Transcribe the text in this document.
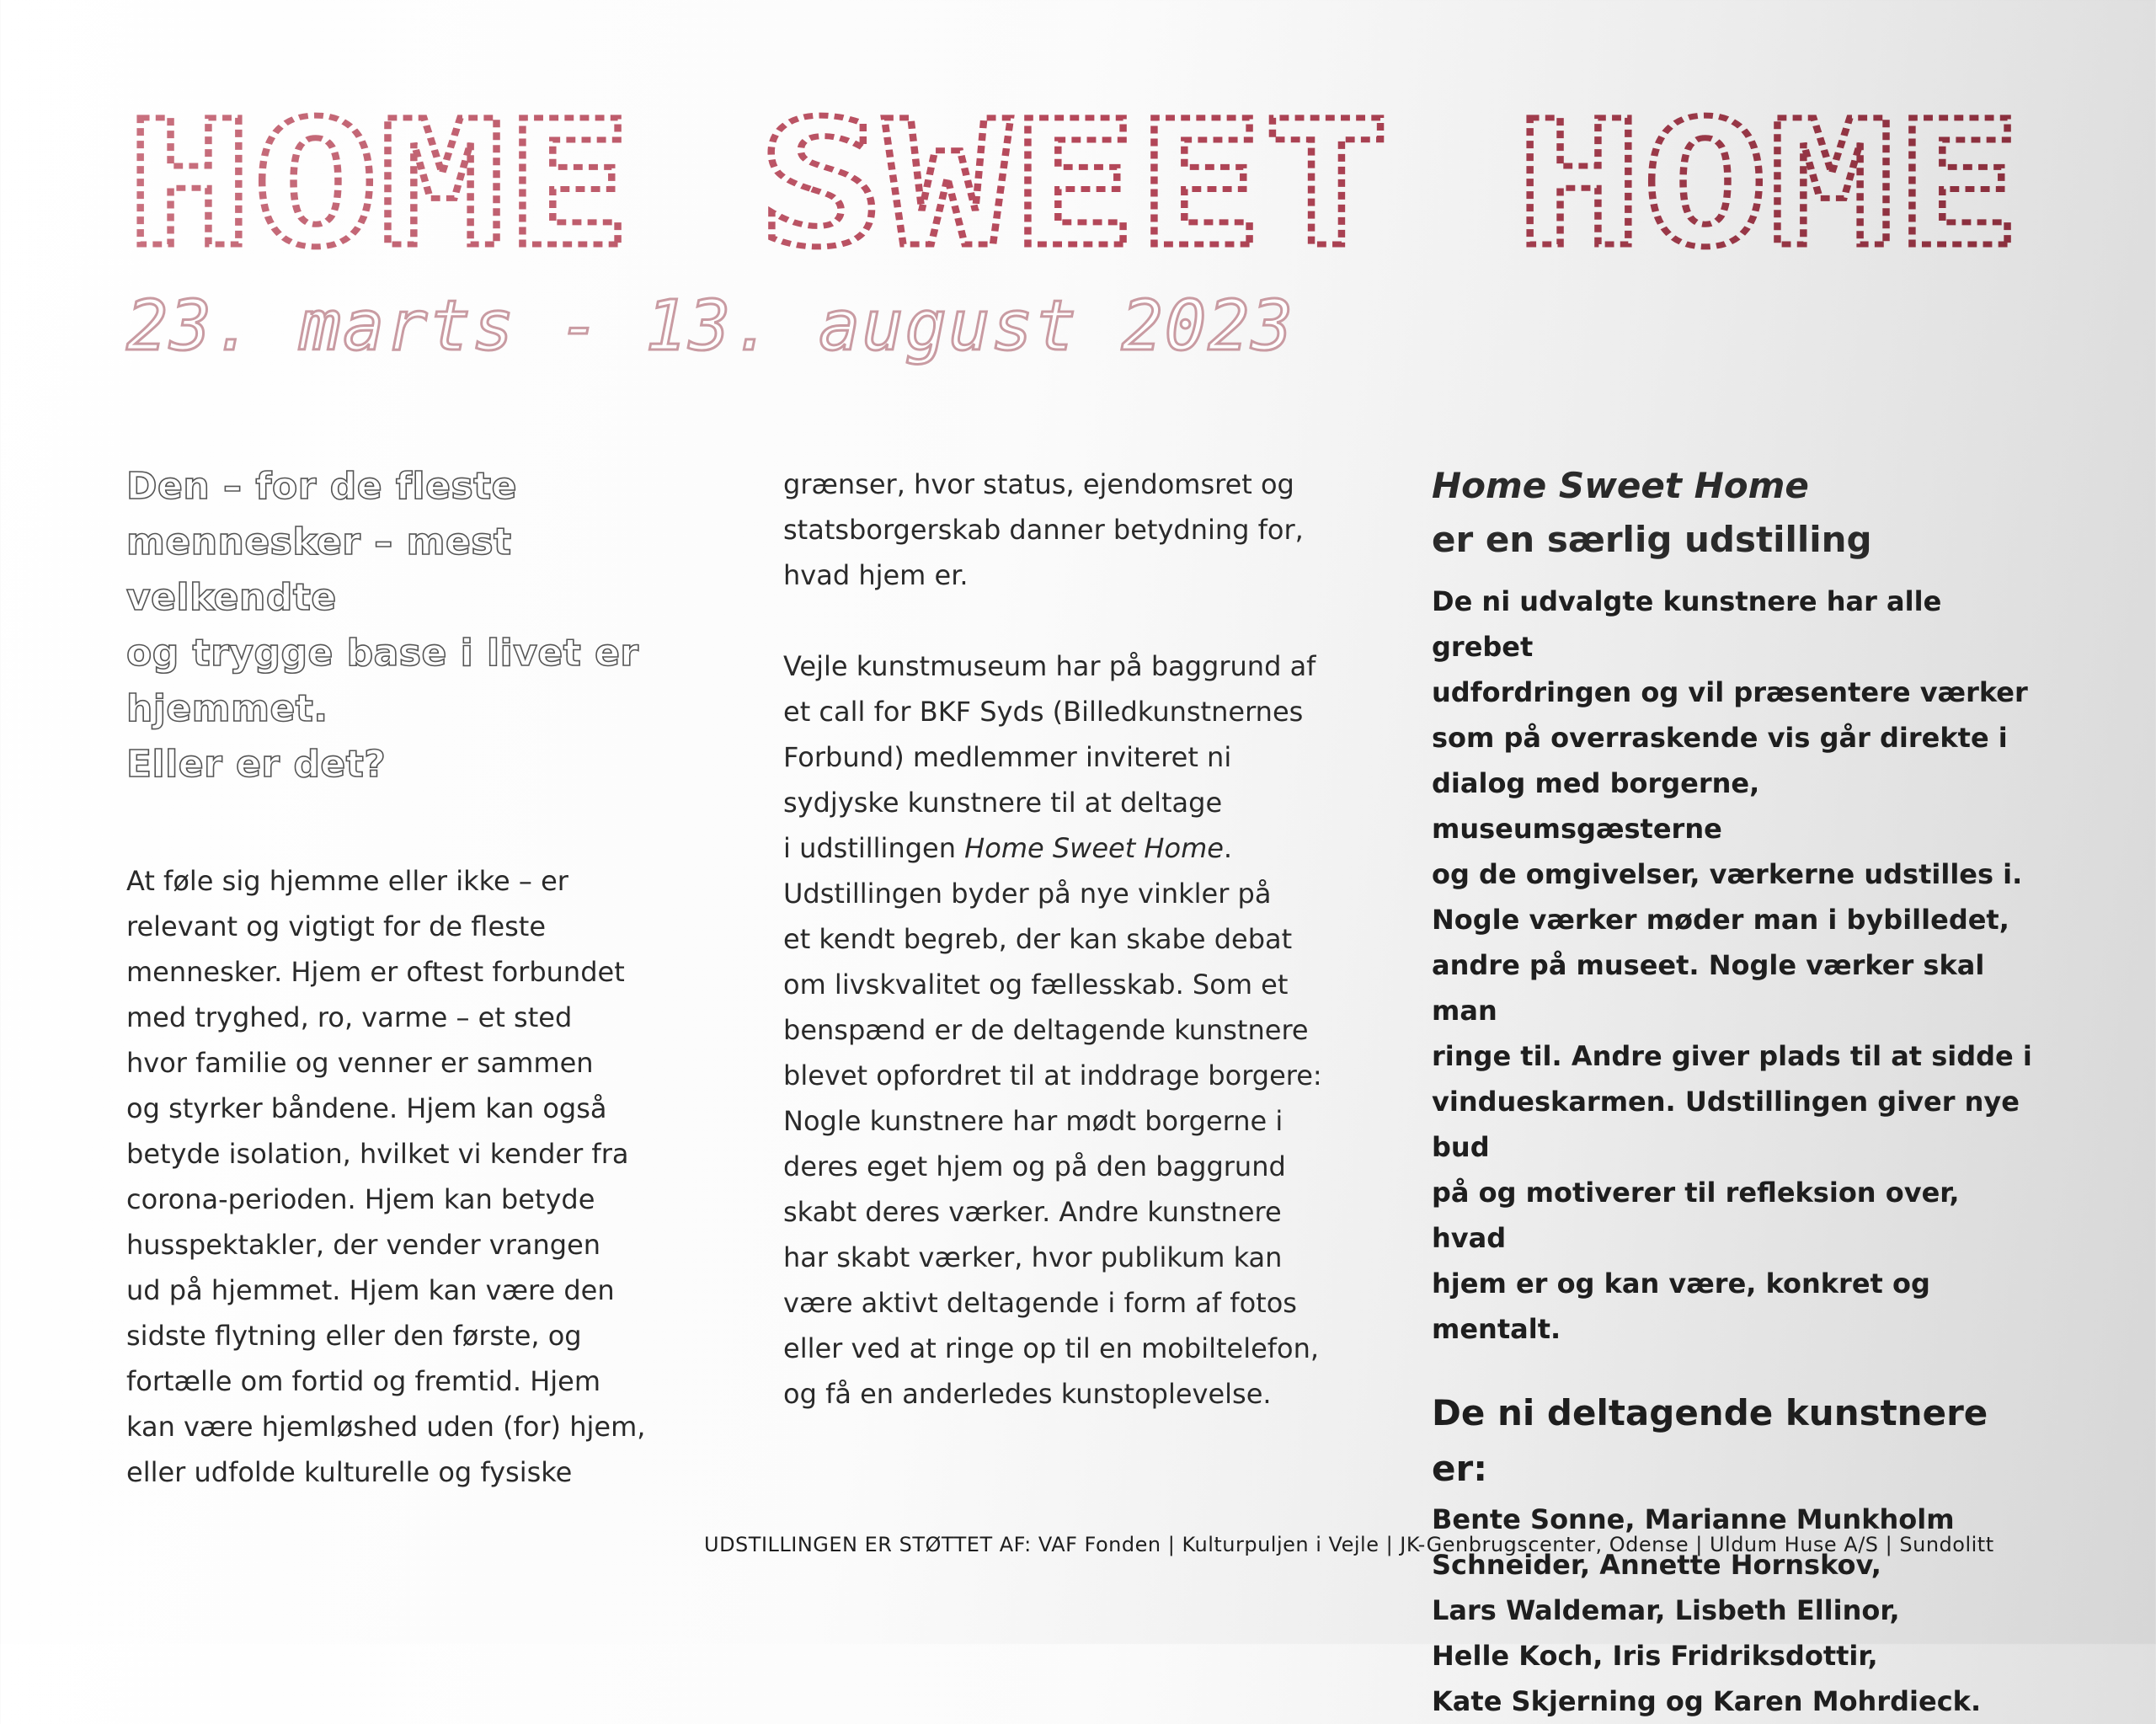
HOME SWEET HOME

23. marts - 13. august 2023

Den – for de fleste
mennesker – mest velkendte
og trygge base i livet er
hjemmet.
Eller er det?

At føle sig hjemme eller ikke – er
relevant og vigtigt for de fleste
mennesker. Hjem er oftest forbundet
med tryghed, ro, varme – et sted
hvor familie og venner er sammen
og styrker båndene. Hjem kan også
betyde isolation, hvilket vi kender fra
corona-perioden. Hjem kan betyde
husspektakler, der vender vrangen
ud på hjemmet. Hjem kan være den
sidste flytning eller den første, og
fortælle om fortid og fremtid. Hjem
kan være hjemløshed uden (for) hjem,
eller udfolde kulturelle og fysiske

grænser, hvor status, ejendomsret og
statsborgerskab danner betydning for,
hvad hjem er.

Vejle kunstmuseum har på baggrund af
et call for BKF Syds (Billedkunstnernes
Forbund) medlemmer inviteret ni
sydjyske kunstnere til at deltage
i udstillingen Home Sweet Home.
Udstillingen byder på nye vinkler på
et kendt begreb, der kan skabe debat
om livskvalitet og fællesskab. Som et
benspænd er de deltagende kunstnere
blevet opfordret til at inddrage borgere:
Nogle kunstnere har mødt borgerne i
deres eget hjem og på den baggrund
skabt deres værker. Andre kunstnere
har skabt værker, hvor publikum kan
være aktivt deltagende i form af fotos
eller ved at ringe op til en mobiltelefon,
og få en anderledes kunstoplevelse.

Home Sweet Home

er en særlig udstilling

De ni udvalgte kunstnere har alle grebet
udfordringen og vil præsentere værker
som på overraskende vis går direkte i
dialog med borgerne, museumsgæsterne
og de omgivelser, værkerne udstilles i.
Nogle værker møder man i bybilledet,
andre på museet. Nogle værker skal man
ringe til. Andre giver plads til at sidde i
vindueskarmen. Udstillingen giver nye bud
på og motiverer til refleksion over, hvad
hjem er og kan være, konkret og mentalt.

De ni deltagende kunstnere er:

Bente Sonne, Marianne Munkholm
Schneider, Annette Hornskov,
Lars Waldemar, Lisbeth Ellinor,
Helle Koch, Iris Fridriksdottir,
Kate Skjerning og Karen Mohrdieck.

UDSTILLINGEN ER STØTTET AF: VAF Fonden | Kulturpuljen i Vejle | JK-Genbrugscenter, Odense | Uldum Huse A/S | Sundolitt
